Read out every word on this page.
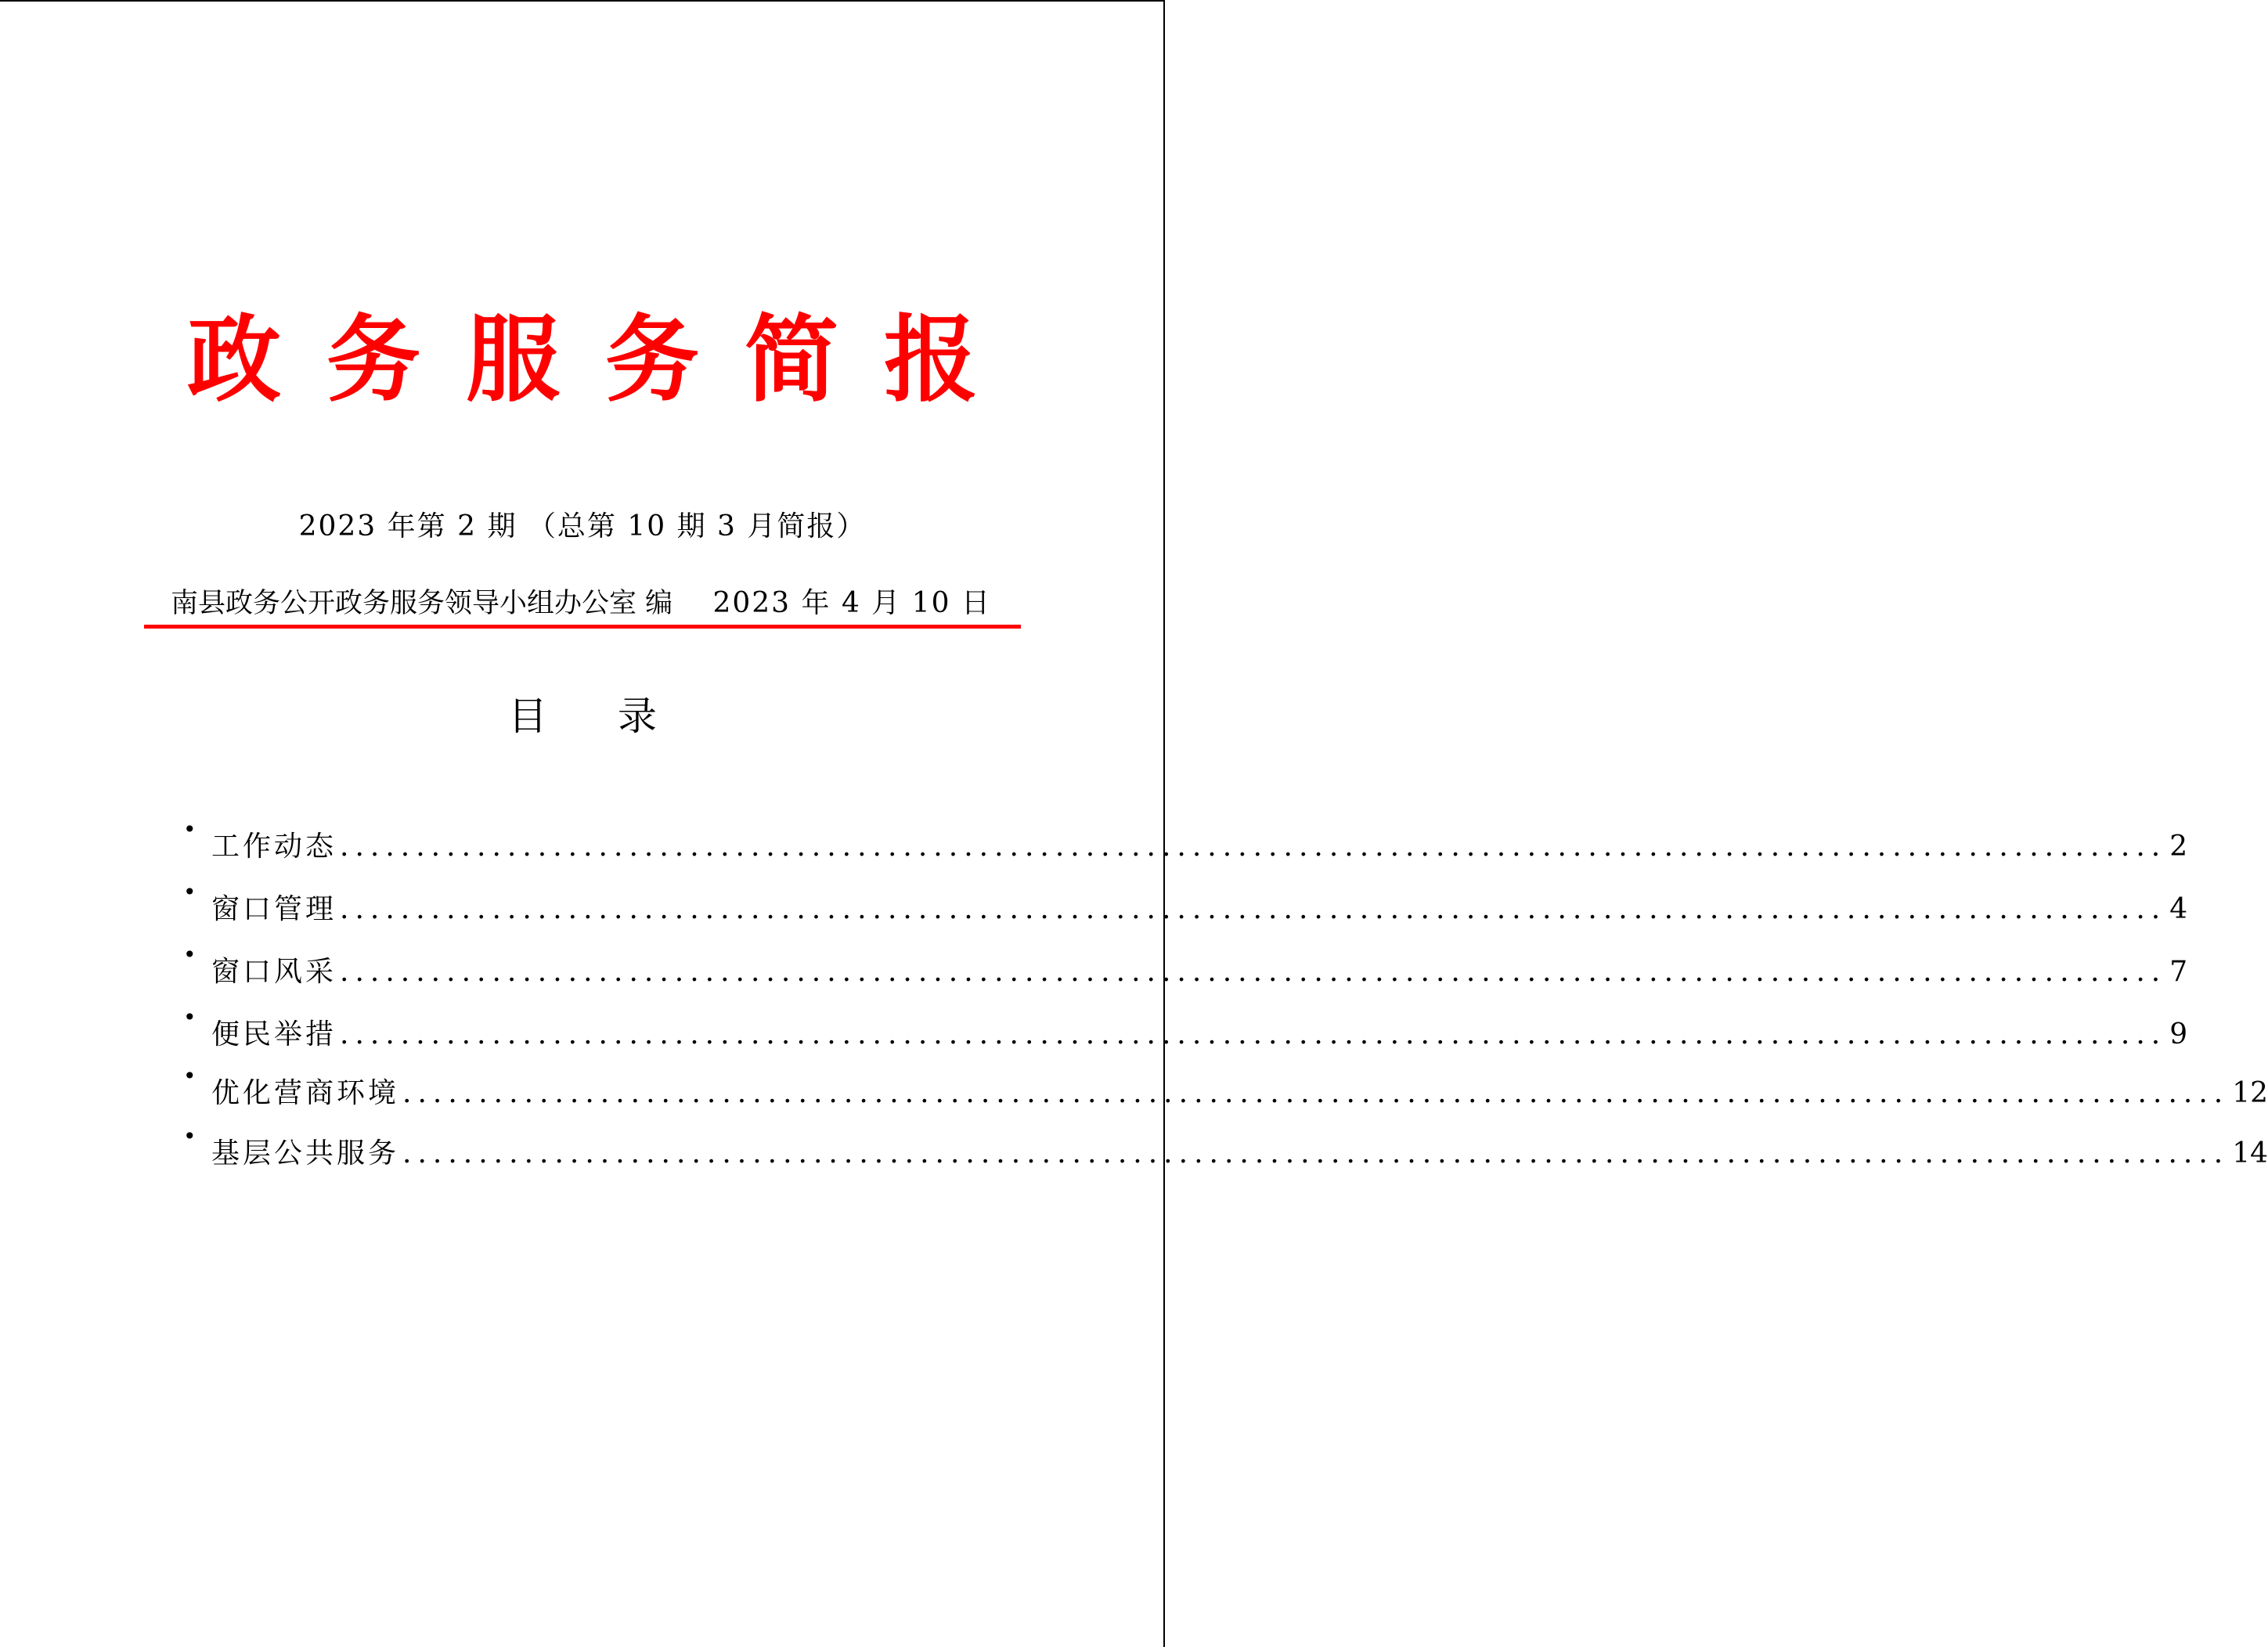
政务服务简报
2023 年第 2 期 （总第 10 期 3 月简报）
南县政务公开政务服务领导小组办公室 编 2023 年 4 月 10 日
目录
•
工作动态 ........................................................................................................................ 2
•
窗口管理 ........................................................................................................................ 4
•
窗口风采 ........................................................................................................................ 7
•
便民举措 ........................................................................................................................ 9
•
优化营商环境 ........................................................................................................................ 12
•
基层公共服务 ........................................................................................................................ 14
